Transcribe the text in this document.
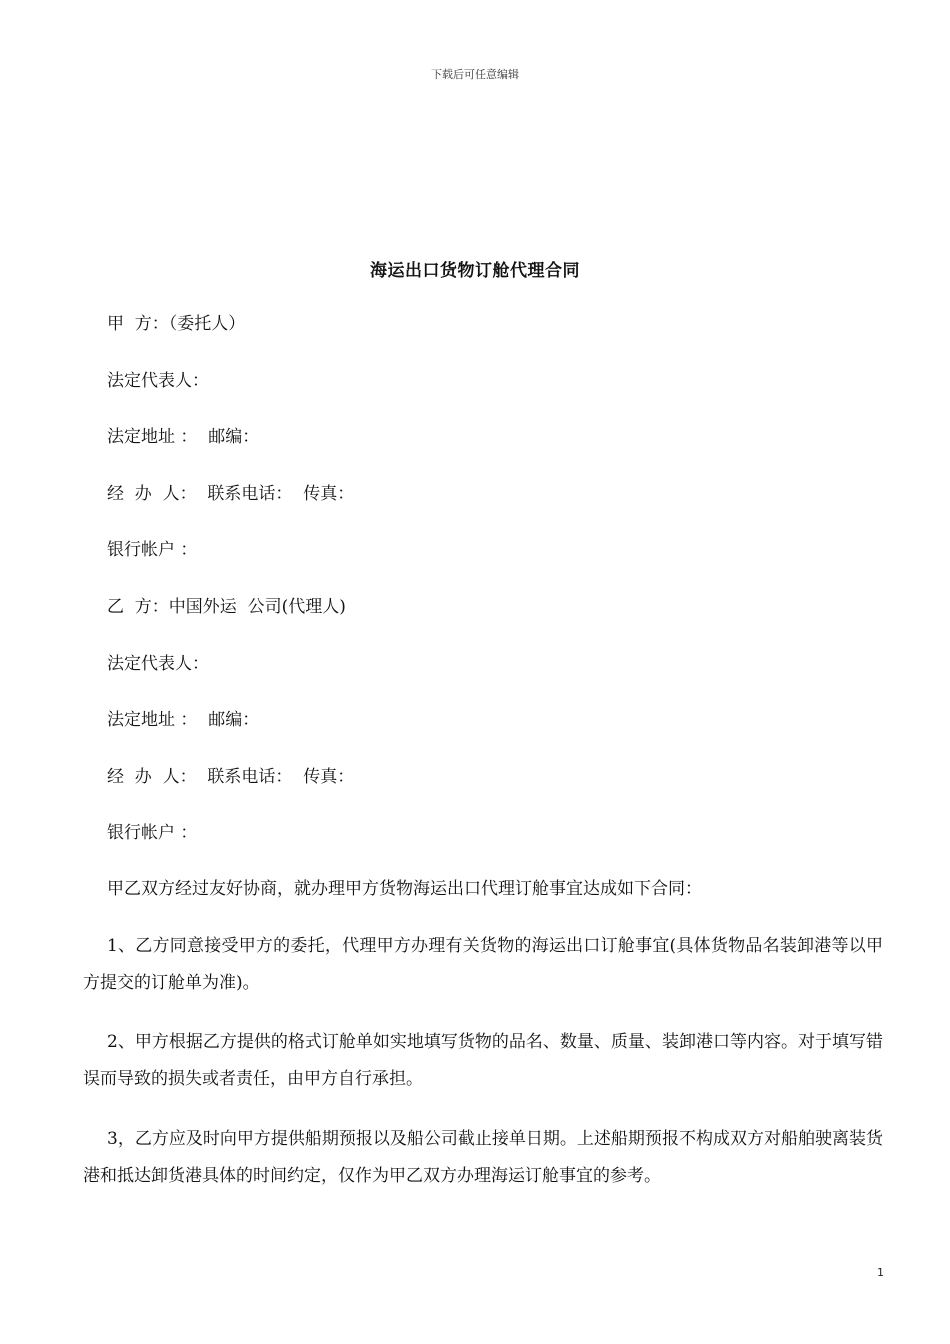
下载后可任意编辑
海运出口货物订舱代理合同
甲  方：（委托人）
法定代表人：
法定地址 ：  邮编：
经  办  人：  联系电话：  传真：
银行帐户 ：
乙  方：中国外运  公司(代理人)
法定代表人：
法定地址 ：  邮编：
经  办  人：  联系电话：  传真：
银行帐户 ：
甲乙双方经过友好协商，就办理甲方货物海运出口代理订舱事宜达成如下合同：
1、乙方同意接受甲方的委托，代理甲方办理有关货物的海运出口订舱事宜(具体货物品名装卸港等以甲方提交的订舱单为准)。
2、甲方根据乙方提供的格式订舱单如实地填写货物的品名、数量、质量、装卸港口等内容。对于填写错误而导致的损失或者责任，由甲方自行承担。
3，乙方应及时向甲方提供船期预报以及船公司截止接单日期。上述船期预报不构成双方对船舶驶离装货港和抵达卸货港具体的时间约定，仅作为甲乙双方办理海运订舱事宜的参考。
1
